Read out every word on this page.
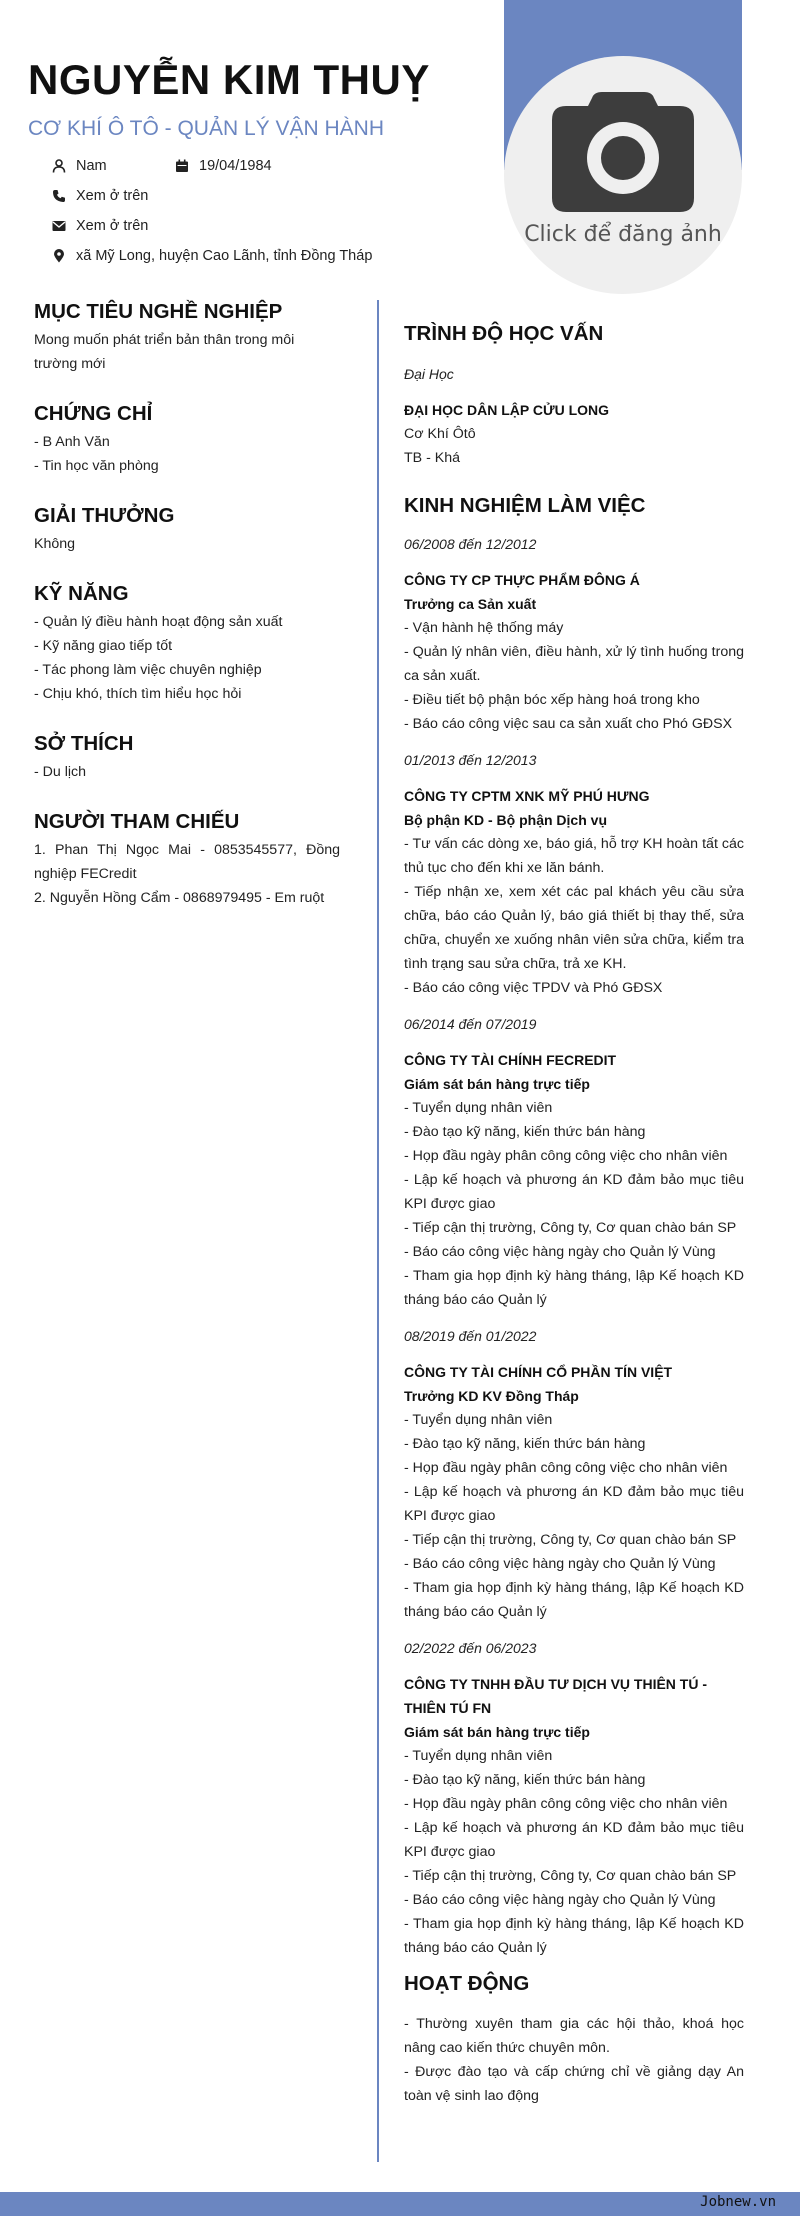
Click để đăng ảnh
NGUYỄN KIM THUỴ
CƠ KHÍ Ô TÔ - QUẢN LÝ VẬN HÀNH
Nam	19/04/1984
Xem ở trên
Xem ở trên
xã Mỹ Long, huyện Cao Lãnh, tỉnh Đồng Tháp
MỤC TIÊU NGHỀ NGHIỆP
Mong muốn phát triển bản thân trong môi trường mới
CHỨNG CHỈ
- B Anh Văn
- Tin học văn phòng
GIẢI THƯỞNG
Không
KỸ NĂNG
- Quản lý điều hành hoạt động sản xuất
- Kỹ năng giao tiếp tốt
- Tác phong làm việc chuyên nghiệp
- Chịu khó, thích tìm hiểu học hỏi
SỞ THÍCH
- Du lịch
NGƯỜI THAM CHIẾU
1. Phan Thị Ngọc Mai - 0853545577, Đồng nghiệp FECredit
2. Nguyễn Hồng Cẩm - 0868979495 - Em ruột
TRÌNH ĐỘ HỌC VẤN
Đại Học
ĐẠI HỌC DÂN LẬP CỬU LONG
Cơ Khí Ôtô
TB - Khá
KINH NGHIỆM LÀM VIỆC
06/2008 đến 12/2012
CÔNG TY CP THỰC PHẨM ĐÔNG Á
Trưởng ca Sản xuất
- Vận hành hệ thống máy
- Quản lý nhân viên, điều hành, xử lý tình huống trong ca sản xuất.
- Điều tiết bộ phận bóc xếp hàng hoá trong kho
- Báo cáo công việc sau ca sản xuất cho Phó GĐSX
01/2013 đến 12/2013
CÔNG TY CPTM XNK MỸ PHÚ HƯNG
Bộ phận KD - Bộ phận Dịch vụ
- Tư vấn các dòng xe, báo giá, hỗ trợ KH hoàn tất các thủ tục cho đến khi xe lăn bánh.
- Tiếp nhận xe, xem xét các pal khách yêu cầu sửa chữa, báo cáo Quản lý, báo giá thiết bị thay thế, sửa chữa, chuyển xe xuống nhân viên sửa chữa, kiểm tra tình trạng sau sửa chữa, trả xe KH.
- Báo cáo công việc TPDV và Phó GĐSX
06/2014 đến 07/2019
CÔNG TY TÀI CHÍNH FECREDIT
Giám sát bán hàng trực tiếp
- Tuyển dụng nhân viên
- Đào tạo kỹ năng, kiến thức bán hàng
- Họp đầu ngày phân công công việc cho nhân viên
- Lập kế hoạch và phương án KD đảm bảo mục tiêu KPI được giao
- Tiếp cận thị trường, Công ty, Cơ quan chào bán SP
- Báo cáo công việc hàng ngày cho Quản lý Vùng
- Tham gia họp định kỳ hàng tháng, lập Kế hoạch KD tháng báo cáo Quản lý
08/2019 đến 01/2022
CÔNG TY TÀI CHÍNH CỔ PHẦN TÍN VIỆT
Trưởng KD KV Đồng Tháp
- Tuyển dụng nhân viên
- Đào tạo kỹ năng, kiến thức bán hàng
- Họp đầu ngày phân công công việc cho nhân viên
- Lập kế hoạch và phương án KD đảm bảo mục tiêu KPI được giao
- Tiếp cận thị trường, Công ty, Cơ quan chào bán SP
- Báo cáo công việc hàng ngày cho Quản lý Vùng
- Tham gia họp định kỳ hàng tháng, lập Kế hoạch KD tháng báo cáo Quản lý
02/2022 đến 06/2023
CÔNG TY TNHH ĐẦU TƯ DỊCH VỤ THIÊN TÚ - THIÊN TÚ FN
Giám sát bán hàng trực tiếp
- Tuyển dụng nhân viên
- Đào tạo kỹ năng, kiến thức bán hàng
- Họp đầu ngày phân công công việc cho nhân viên
- Lập kế hoạch và phương án KD đảm bảo mục tiêu KPI được giao
- Tiếp cận thị trường, Công ty, Cơ quan chào bán SP
- Báo cáo công việc hàng ngày cho Quản lý Vùng
- Tham gia họp định kỳ hàng tháng, lập Kế hoạch KD tháng báo cáo Quản lý
HOẠT ĐỘNG
- Thường xuyên tham gia các hội thảo, khoá học nâng cao kiến thức chuyên môn.
- Được đào tạo và cấp chứng chỉ về giảng dạy An toàn vệ sinh lao động
Jobnew.vn
